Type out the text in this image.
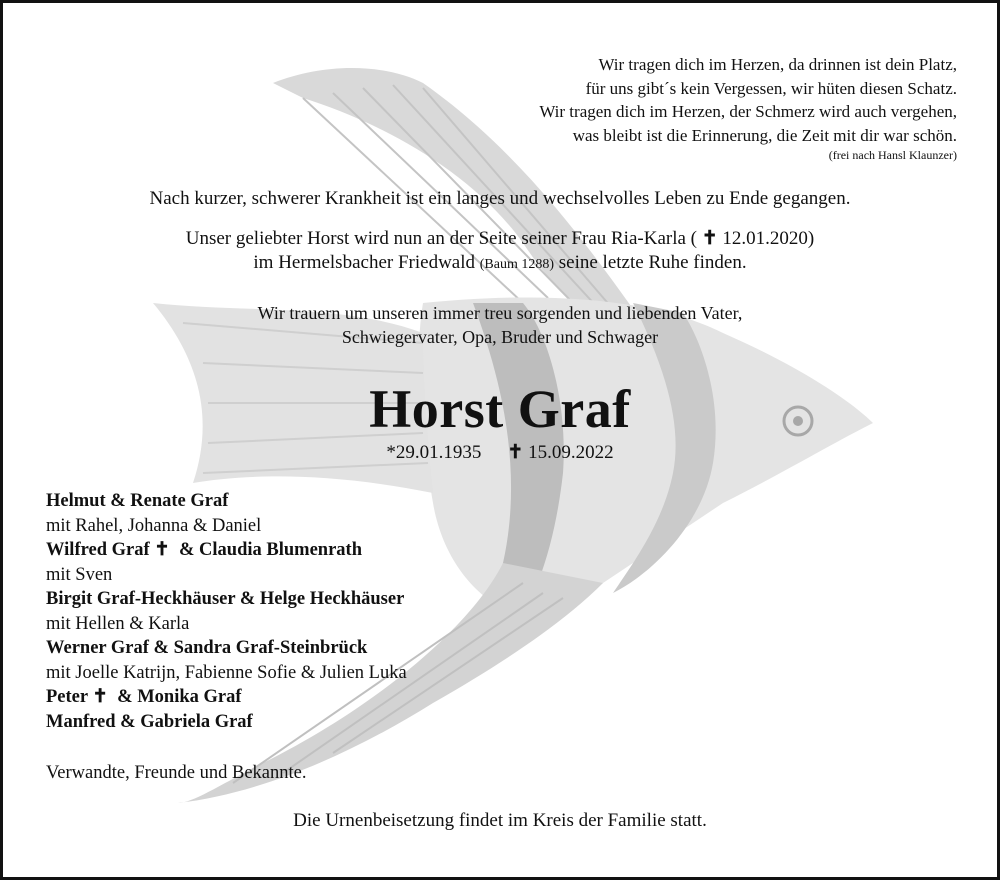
Wir tragen dich im Herzen, da drinnen ist dein Platz,
für uns gibt´s kein Vergessen, wir hüten diesen Schatz.
Wir tragen dich im Herzen, der Schmerz wird auch vergehen,
was bleibt ist die Erinnerung, die Zeit mit dir war schön.
(frei nach Hansl Klaunzer)
Nach kurzer, schwerer Krankheit ist ein langes und wechselvolles Leben zu Ende gegangen.
Unser geliebter Horst wird nun an der Seite seiner Frau Ria-Karla ( ✝ 12.01.2020)
im Hermelsbacher Friedwald (Baum 1288) seine letzte Ruhe finden.
Wir trauern um unseren immer treu sorgenden und liebenden Vater,
Schwiegervater, Opa, Bruder und Schwager
Horst Graf
*29.01.1935 ✝ 15.09.2022
Helmut & Renate Graf
mit Rahel, Johanna & Daniel
Wilfred Graf ✝  & Claudia Blumenrath
mit Sven
Birgit Graf-Heckhäuser & Helge Heckhäuser
mit Hellen & Karla
Werner Graf & Sandra Graf-Steinbrück
mit Joelle Katrijn, Fabienne Sofie & Julien Luka
Peter ✝  & Monika Graf
Manfred & Gabriela Graf
Verwandte, Freunde und Bekannte.
Die Urnenbeisetzung findet im Kreis der Familie statt.
